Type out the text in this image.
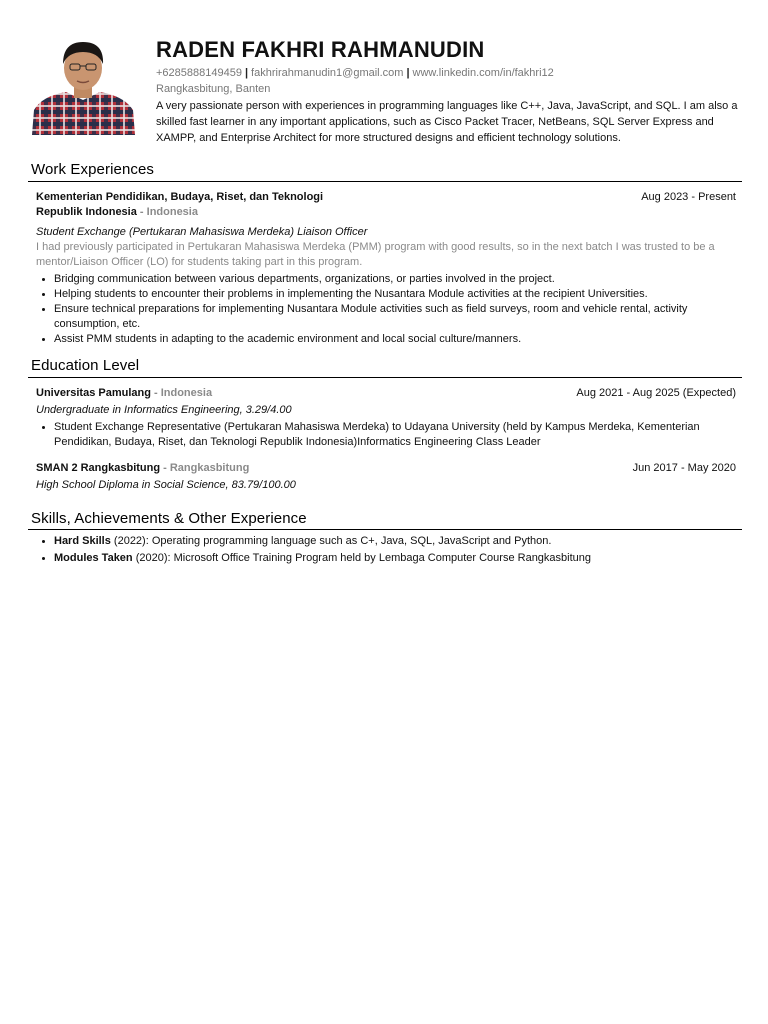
RADEN FAKHRI RAHMANUDIN
+6285888149459 | fakhrirahmanudin1@gmail.com | www.linkedin.com/in/fakhri12
Rangkasbitung, Banten
A very passionate person with experiences in programming languages like C++, Java, JavaScript, and SQL. I am also a skilled fast learner in any important applications, such as Cisco Packet Tracer, NetBeans, SQL Server Express and XAMPP, and Enterprise Architect for more structured designs and efficient technology solutions.
Work Experiences
Kementerian Pendidikan, Budaya, Riset, dan Teknologi
Republik Indonesia - Indonesia
Aug 2023 - Present
Student Exchange (Pertukaran Mahasiswa Merdeka) Liaison Officer
I had previously participated in Pertukaran Mahasiswa Merdeka (PMM) program with good results, so in the next batch I was trusted to be a mentor/Liaison Officer (LO) for students taking part in this program.
• Bridging communication between various departments, organizations, or parties involved in the project.
• Helping students to encounter their problems in implementing the Nusantara Module activities at the recipient Universities.
• Ensure technical preparations for implementing Nusantara Module activities such as field surveys, room and vehicle rental, activity consumption, etc.
• Assist PMM students in adapting to the academic environment and local social culture/manners.
Education Level
Universitas Pamulang - Indonesia	Aug 2021 - Aug 2025 (Expected)
Undergraduate in Informatics Engineering, 3.29/4.00
• Student Exchange Representative (Pertukaran Mahasiswa Merdeka) to Udayana University (held by Kampus Merdeka, Kementerian Pendidikan, Budaya, Riset, dan Teknologi Republik Indonesia)Informatics Engineering Class Leader
SMAN 2 Rangkasbitung - Rangkasbitung	Jun 2017 - May 2020
High School Diploma in Social Science, 83.79/100.00
Skills, Achievements & Other Experience
• Hard Skills (2022): Operating programming language such as C+, Java, SQL, JavaScript and Python.
• Modules Taken (2020): Microsoft Office Training Program held by Lembaga Computer Course Rangkasbitung
